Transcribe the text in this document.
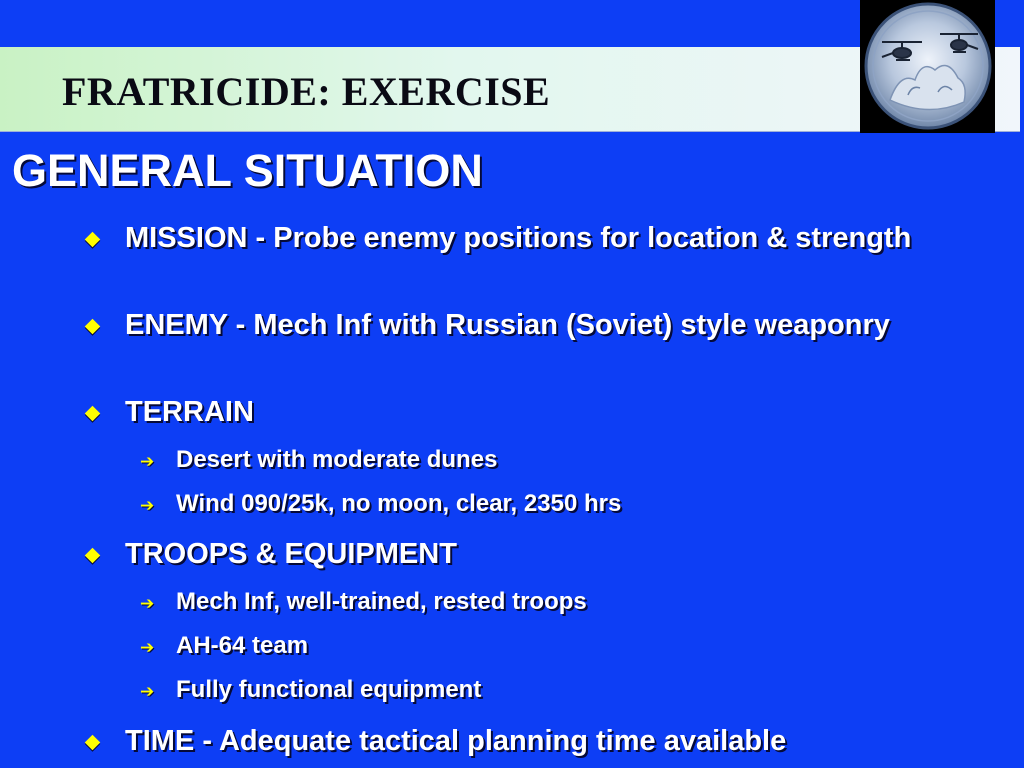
FRATRICIDE: EXERCISE
GENERAL SITUATION
MISSION - Probe enemy positions for location & strength
ENEMY - Mech Inf with Russian (Soviet) style weaponry
TERRAIN
➔ Desert with moderate dunes
➔ Wind 090/25k, no moon, clear, 2350 hrs
TROOPS & EQUIPMENT
➔ Mech Inf, well-trained, rested troops
➔ AH-64 team
➔ Fully functional equipment
TIME - Adequate tactical planning time available
